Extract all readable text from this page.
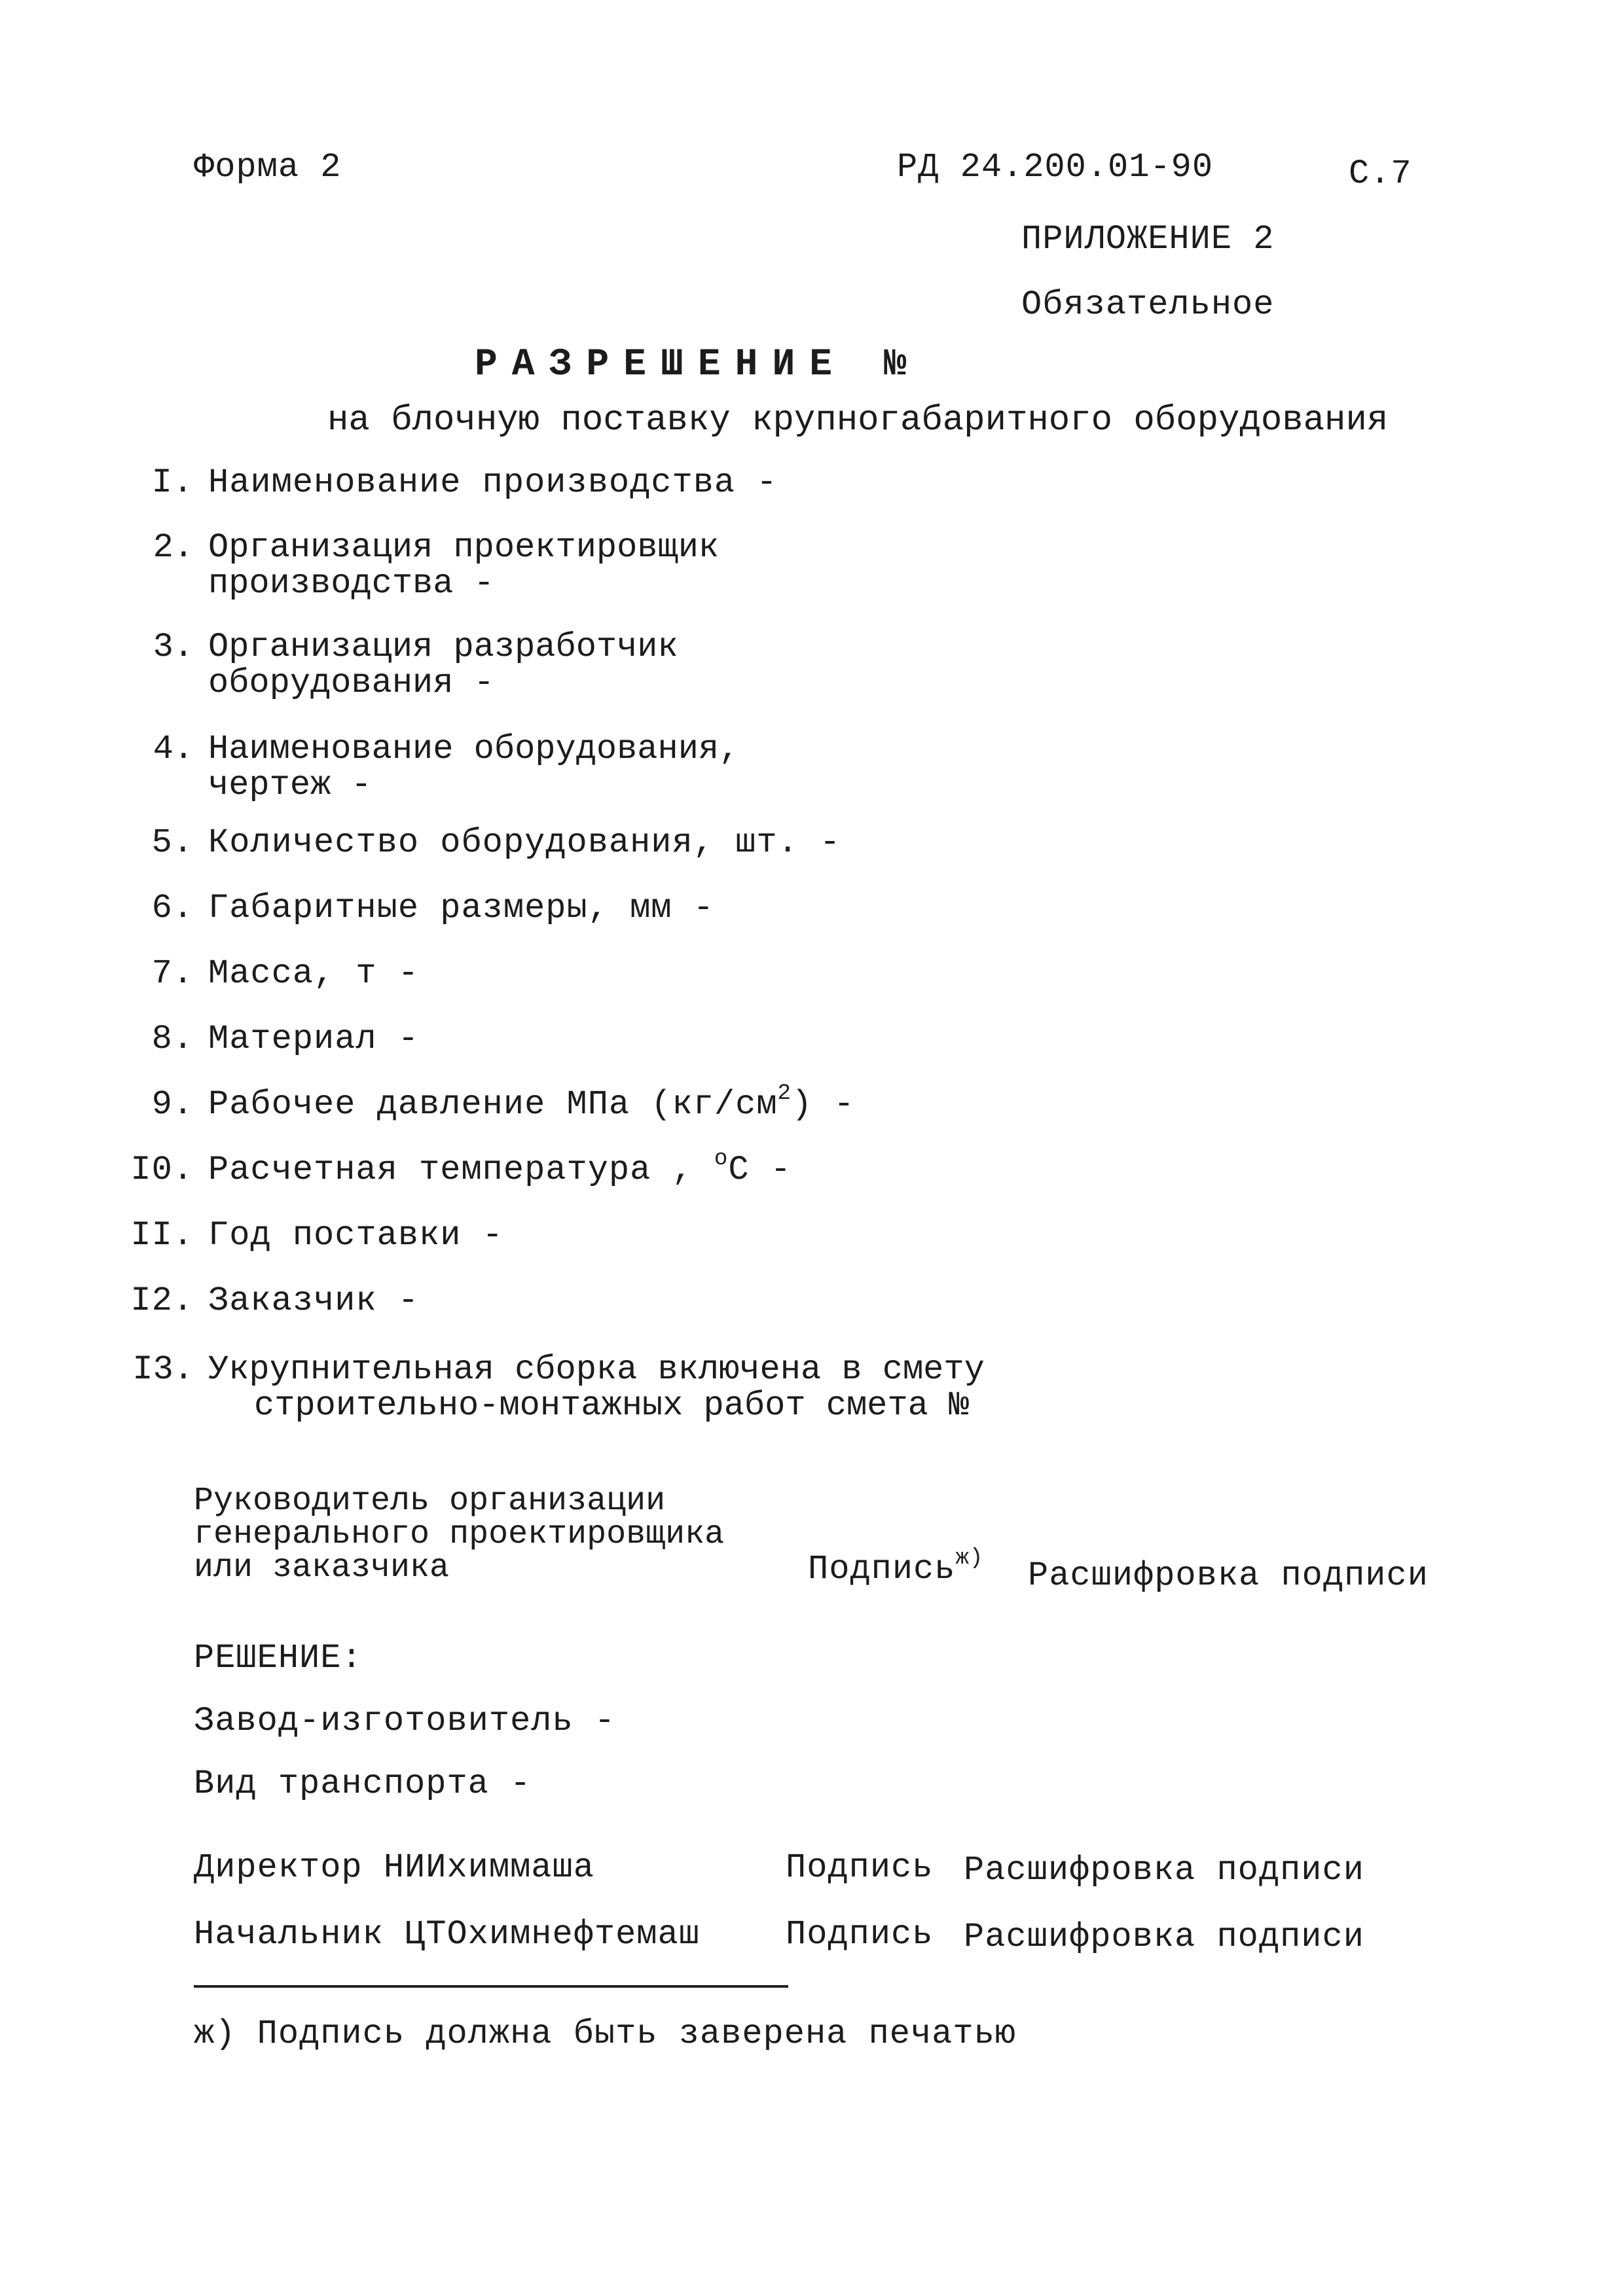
Форма 2	РД 24.200.01-90	С.7
ПРИЛОЖЕНИЕ 2
Обязательное
РАЗРЕШЕНИЕ №
на блочную поставку крупногабаритного оборудования
I. Наименование производства -
2. Организация проектировщик
производства -
3. Организация разработчик
оборудования -
4. Наименование оборудования,
чертеж -
5. Количество оборудования, шт. -
6. Габаритные размеры, мм -
7. Масса, т -
8. Материал -
9. Рабочее давление МПа $(кг/см^2)$ -
I0. Расчетная температура , $^о$С -
II. Год поставки -
I2. Заказчик -
I3. Укрупнительная сборка включена в смету
строительно-монтажных работ смета №
Руководитель организации
генерального проектировщика
или заказчика	Подпись$^{ж)}$ Расшифровка подписи
РЕШЕНИЕ:
Завод-изготовитель -
Вид транспорта -
Директор НИИхиммаша	Подпись Расшифровка подписи
Начальник ЦТОхимнефтемаш	Подпись Расшифровка подписи
ж) Подпись должна быть заверена печатью
